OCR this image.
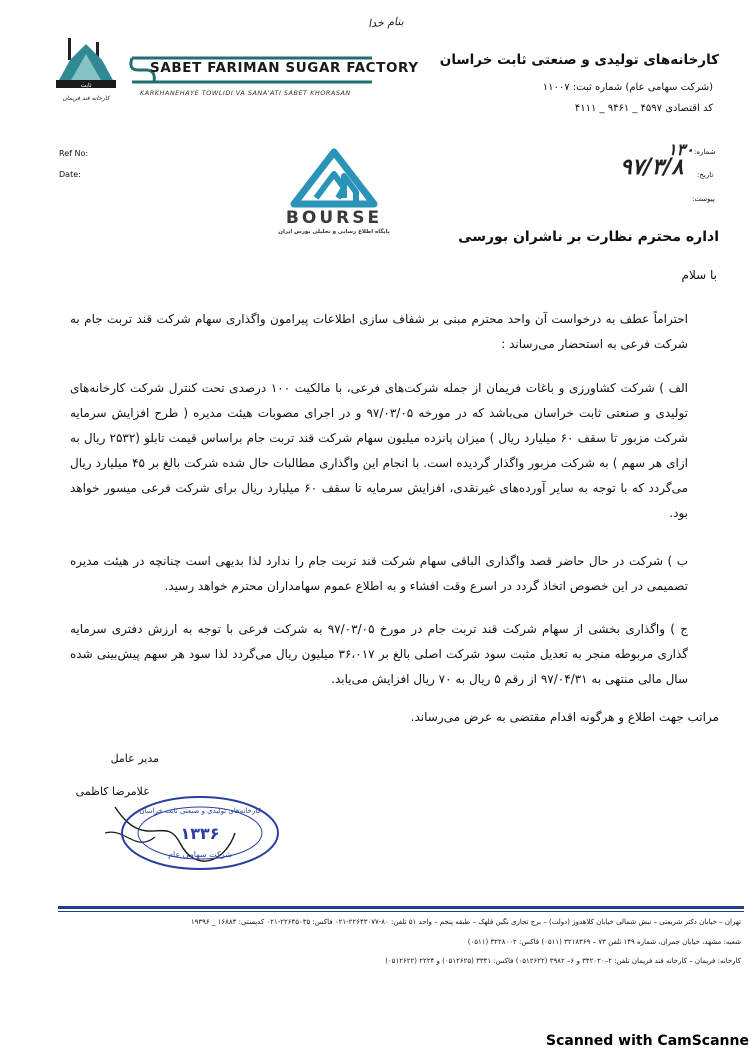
بنام خدا
ثابت
کارخانه قند فریمان
SABET FARIMAN SUGAR FACTORY
KARKHANEHAYE TOWLIDI VA SANA'ATI SABET KHORASAN
کارخانه‌های تولیدی و صنعتی ثابت خراسان
(شرکت سهامی عام) شماره ثبت: ۱۱۰۰۷
کد اقتصادی ۴۵۹۷ _ ۹۴۶۱ _ ۴۱۱۱
Ref No:
Date:
شماره:
۱۳۰
تاریخ:
۹۷/۳/۸
پیوست:
BOURSE
پایگاه اطلاع رسانی و تحلیلی بورس ایران	اداره محترم نظارت بر ناشران بورسی
با سلام
احتراماً عطف به درخواست آن واحد محترم مبنی بر شفاف سازی اطلاعات پیرامون واگذاری سهام شرکت قند تربت جام به شرکت فرعی به استحضار می‌رساند :
الف ) شرکت کشاورزی و باغات فریمان از جمله شرکت‌های فرعی، با مالکیت ۱۰۰ درصدی تحت کنترل شرکت کارخانه‌های تولیدی و صنعتی ثابت خراسان می‌باشد که در مورخه ۹۷/۰۳/۰۵ و در اجرای مصوبات هیئت مدیره ( طرح افزایش سرمایه شرکت مزبور تا سقف ۶۰ میلیارد ریال ) میزان پانزده میلیون سهام شرکت قند تربت جام براساس قیمت تابلو (۲۵۳۲ ریال به ازای هر سهم ) به شرکت مزبور واگذار گردیده است. با انجام این واگذاری مطالبات حال شده شرکت بالغ بر ۴۵ میلیارد ریال می‌گردد که با توجه به سایر آورده‌های غیرنقدی، افزایش سرمایه تا سقف ۶۰ میلیارد ریال برای شرکت فرعی میسور خواهد بود.
ب ) شرکت در حال حاضر قصد واگذاری الباقی سهام شرکت قند تربت جام را ندارد لذا بدیهی است چنانچه در هیئت مدیره تصمیمی در این خصوص اتخاذ گردد در اسرع وقت افشاء و به اطلاع عموم سهامداران محترم خواهد رسید.
ج ) واگذاری بخشی از سهام شرکت قند تربت جام در مورخ ۹۷/۰۳/۰۵ به شرکت فرعی با توجه به ارزش دفتری سرمایه گذاری مربوطه منجر به تعدیل مثبت سود شرکت اصلی بالغ بر ۳۶،۰۱۷ میلیون ریال می‌گردد لذا سود هر سهم پیش‌بینی شده سال مالی منتهی به ۹۷/۰۴/۳۱ از رقم ۵ ریال به ۷۰ ریال افزایش می‌یابد.
مراتب جهت اطلاع و هرگونه اقدام مقتضی به عرض می‌رساند.
مدیر عامل
غلامرضا کاظمی
۱۳۳۶
کارخانه‌های تولیدی و صنعتی ثابت خراسان
شرکت سهامی عام
تهران – خیابان دکتر شریعتی – نبش شمالی خیابان کلاهدوز (دولت) – برج تجاری نگین قلهک – طبقه پنجم – واحد ۵۱ تلفن: ۸۰-۲۲۶۴۳۰۷۷-۰۲۱ فاکس: ۲۲۶۴۵۰۳۵-۰۲۱ کدپستی: ۱۶۸۸۳ _ ۱۹۳۹۶
شعبه: مشهد، خیابان جمران، شماره ۱۴۹ تلفن ۷۳ – ۳۲۱۸۳۶۹ (۰۵۱۱) فاکس: ۳۲۲۸۰۰۲ (۰۵۱۱)
کارخانه: فریمان – کارخانه قند فریمان تلفن: ۲–۳۴۲۰۲۰ و ۶– ۳۹۸۲ (۰۵۱۲۶۲۲) فاکس: ۳۳۴۱ (۰۵۱۲۶۲۵) و ۲۲۲۴ (۰۵۱۲۶۲۲)
Scanned with CamScanne
